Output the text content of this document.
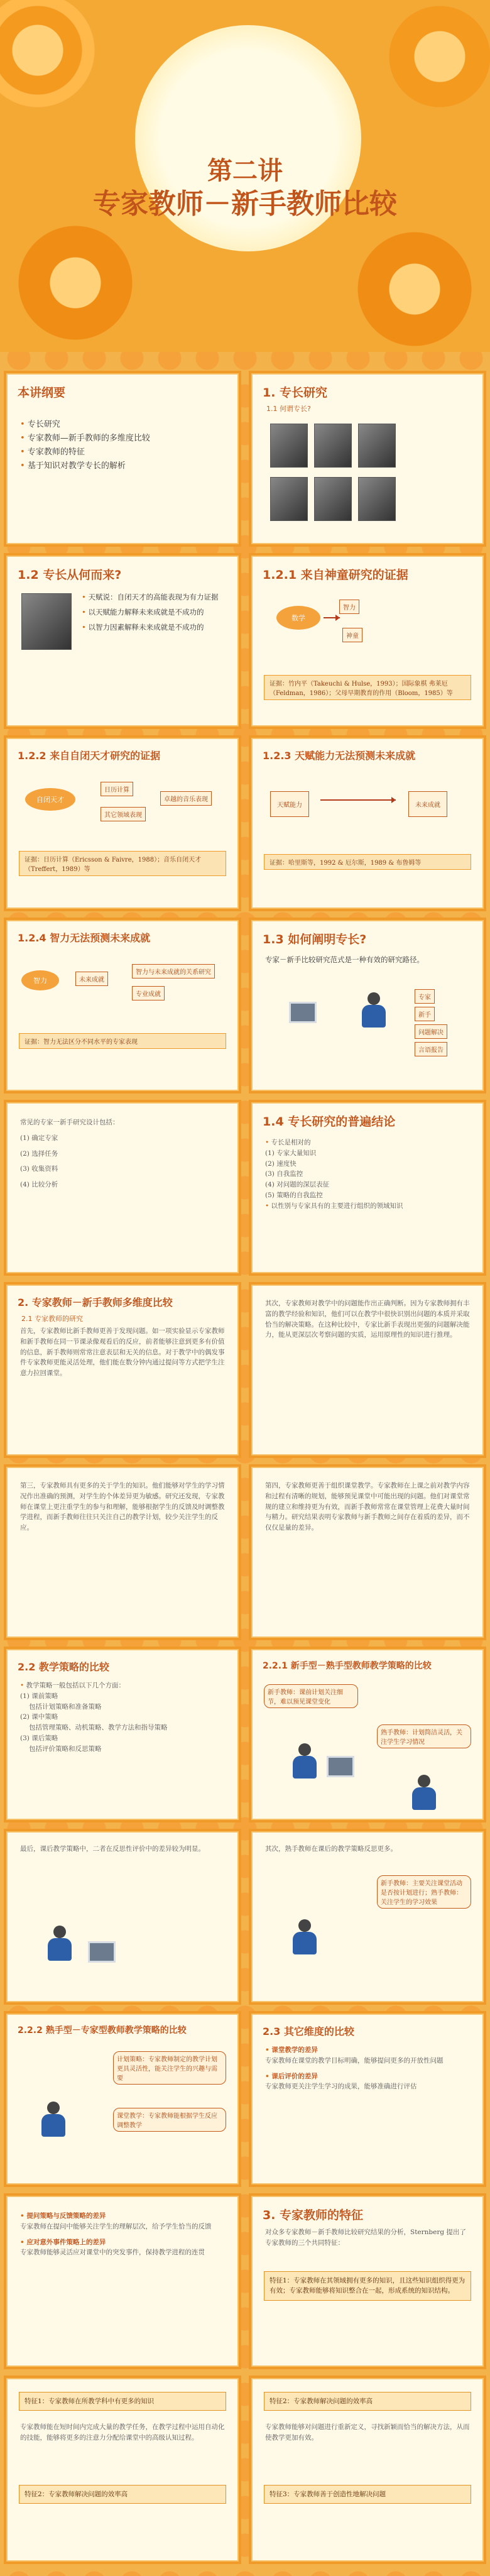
第二讲
专家教师－新手教师比较
本讲纲要
• 专长研究
• 专家教师—新手教师的多维度比较
• 专家教师的特征
• 基于知识对教学专长的解析
1. 专长研究
1.1 何谓专长?
1.2 专长从何而来?
• 天赋说：自闭天才的高能表现为有力证据
• 以天赋能力解释未来成就是不成功的
• 以智力因素解释未来成就是不成功的
1.2.1 来自神童研究的证据
数学
智力
神童
证据：竹内平（Takeuchi & Hulse，1993）；国际象棋 弗莱厄（Feldman，1986）；父母早期教育的作用（Bloom，1985）等
1.2.2 来自自闭天才研究的证据
自闭天才
日历计算
其它领域表现
卓越的音乐表现
证据：日历计算（Ericsson & Faivre，1988）；音乐自闭天才（Treffert，1989）等
1.2.3 天赋能力无法预测未来成就
天赋能力	未来成就
证据：哈里斯等，1992 & 厄尔斯，1989 & 布鲁姆等
1.2.4 智力无法预测未来成就
智力	未来成就
智力与未来成就的关系研究
专业成就
证据：智力无法区分不同水平的专家表现
1.3 如何阐明专长?
专家－新手比较研究范式是一种有效的研究路径。
专家
新手
问题解决
言语报告
常见的专家一新手研究设计包括：
(1) 确定专家
(2) 选择任务
(3) 收集资料
(4) 比较分析
1.4 专长研究的普遍结论
• 专长是相对的
(1) 专家大量知识
(2) 速度快
(3) 自我监控
(4) 对问题的深层表征
(5) 策略的自我监控
• 以性别与专家具有的主要进行组织的领域知识
2. 专家教师－新手教师多维度比较
2.1 专家教师的研究
首先，专家教师比新手教师更善于发现问题。如一项实验显示专家教师和新手教师在同一节课录像观看后的反应，前者能够注意到更多有价值的信息，新手教师则常常注意表层和无关的信息。对于教学中的偶发事件专家教师更能灵活处理，他们能在数分钟内通过提问等方式把学生注意力拉回课堂。
其次，专家教师对教学中的问题能作出正确判断。因为专家教师拥有丰富的教学经验和知识，他们可以在教学中很快识别出问题的本质并采取恰当的解决策略。在这种比较中，专家比新手表现出更强的问题解决能力，能从更深层次考察问题的实质，运用原理性的知识进行推理。
第三，专家教师具有更多的关于学生的知识。他们能够对学生的学习情况作出准确的预测，对学生的个体差异更为敏感。研究还发现，专家教师在课堂上更注重学生的参与和理解，能够根据学生的反馈及时调整教学进程，而新手教师往往只关注自己的教学计划，较少关注学生的反应。
第四，专家教师更善于组织课堂教学。专家教师在上课之前对教学内容和过程有清晰的规划，能够预见课堂中可能出现的问题。他们对课堂常规的建立和维持更为有效，而新手教师常常在课堂管理上花费大量时间与精力。研究结果表明专家教师与新手教师之间存在着质的差异，而不仅仅是量的差异。
2.2 教学策略的比较
• 教学策略一般包括以下几个方面：
(1) 课前策略
包括计划策略和准备策略
(2) 课中策略
包括管理策略、动机策略、教学方法和指导策略
(3) 课后策略
包括评价策略和反思策略
2.2.1 新手型－熟手型教师教学策略的比较
新手教师：课前计划关注细节，难以预见课堂变化
熟手教师：计划简洁灵活，关注学生学习情况
最后，课后教学策略中，二者在反思性评价中的差异较为明显。	其次，熟手教师在课后的教学策略反思更多。
新手教师：主要关注课堂活动是否按计划进行；熟手教师：关注学生的学习效果
2.2.2 熟手型－专家型教师教学策略的比较
计划策略：专家教师制定的教学计划更具灵活性，能关注学生的兴趣与需要
课堂教学：专家教师能根据学生反应调整教学
2.3 其它维度的比较
• 课堂教学的差异
专家教师在课堂的教学目标明确，能够提问更多的开放性问题
• 课后评价的差异
专家教师更关注学生学习的成果，能够准确进行评估
• 提问策略与反馈策略的差异
专家教师在提问中能够关注学生的理解层次，给予学生恰当的反馈
• 应对意外事件策略上的差异
专家教师能够灵活应对课堂中的突发事件，保持教学进程的连贯
3. 专家教师的特征
对众多专家教师－新手教师比较研究结果的分析，Sternberg 提出了专家教师的三个共同特征：
特征1：专家教师在其领域拥有更多的知识，且这些知识组织得更为有效；专家教师能够将知识整合在一起，形成系统的知识结构。
特征1：专家教师在所教学科中有更多的知识
专家教师能在短时间内完成大量的教学任务，在教学过程中运用自动化的技能，能够将更多的注意力分配给课堂中的高级认知过程。
特征2：专家教师解决问题的效率高
特征2：专家教师解决问题的效率高
专家教师能够对问题进行重新定义，寻找新颖而恰当的解决方法，从而使教学更加有效。
特征3：专家教师善于创造性地解决问题
